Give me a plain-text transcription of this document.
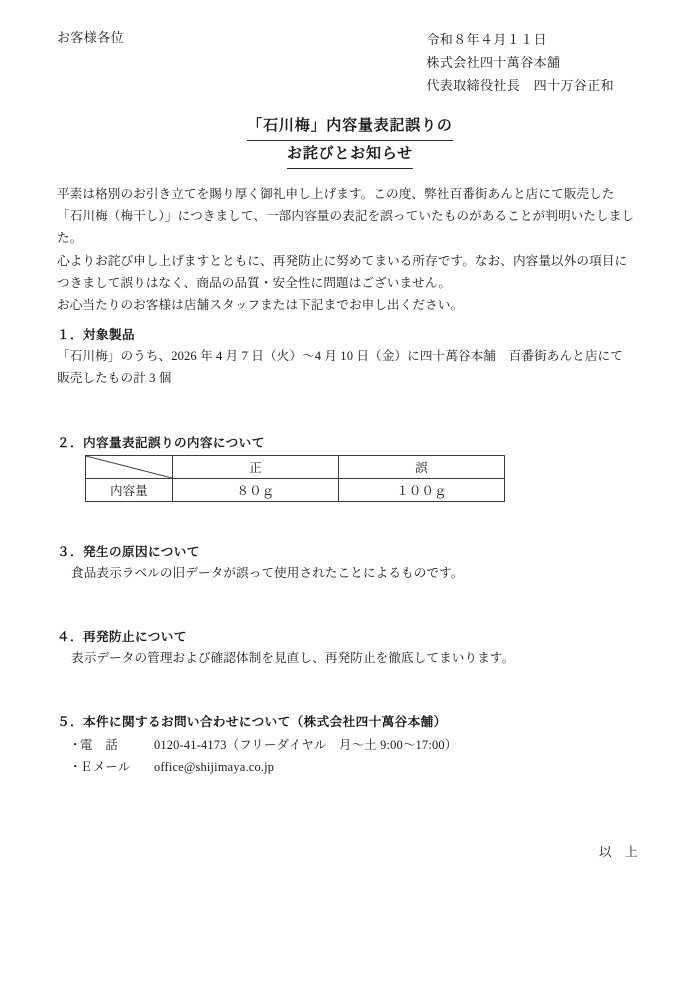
お客様各位	令和８年４月１１日
株式会社四十萬谷本舗
代表取締役社長　四十万谷正和
「石川梅」内容量表記誤りの
お詫びとお知らせ

平素は格別のお引き立てを賜り厚く御礼申し上げます。この度、弊社百番街あんと店にて販売した

「石川梅（梅干し）」につきまして、一部内容量の表記を誤っていたものがあることが判明いたしました。

心よりお詫び申し上げますとともに、再発防止に努めてまいる所存です。なお、内容量以外の項目に

つきまして誤りはなく、商品の品質・安全性に問題はございません。

お心当たりのお客様は店舗スタッフまたは下記までお申し出ください。

１．対象製品

「石川梅」のうち、2026 年 4 月 7 日（火）～4 月 10 日（金）に四十萬谷本舗　百番街あんと店にて

販売したもの計 3 個

２．内容量表記誤りの内容について
	正	誤
内容量	８０ｇ	１００ｇ
３．発生の原因について

食品表示ラベルの旧データが誤って使用されたことによるものです。

４．再発防止について

表示データの管理および確認体制を見直し、再発防止を徹底してまいります。

５．本件に関するお問い合わせについて（株式会社四十萬谷本舗）
・
電　話	0120-41-4173（フリーダイヤル　月～土 9:00～17:00）
・
Ｅメール	office@shijimaya.co.jp
以　上
